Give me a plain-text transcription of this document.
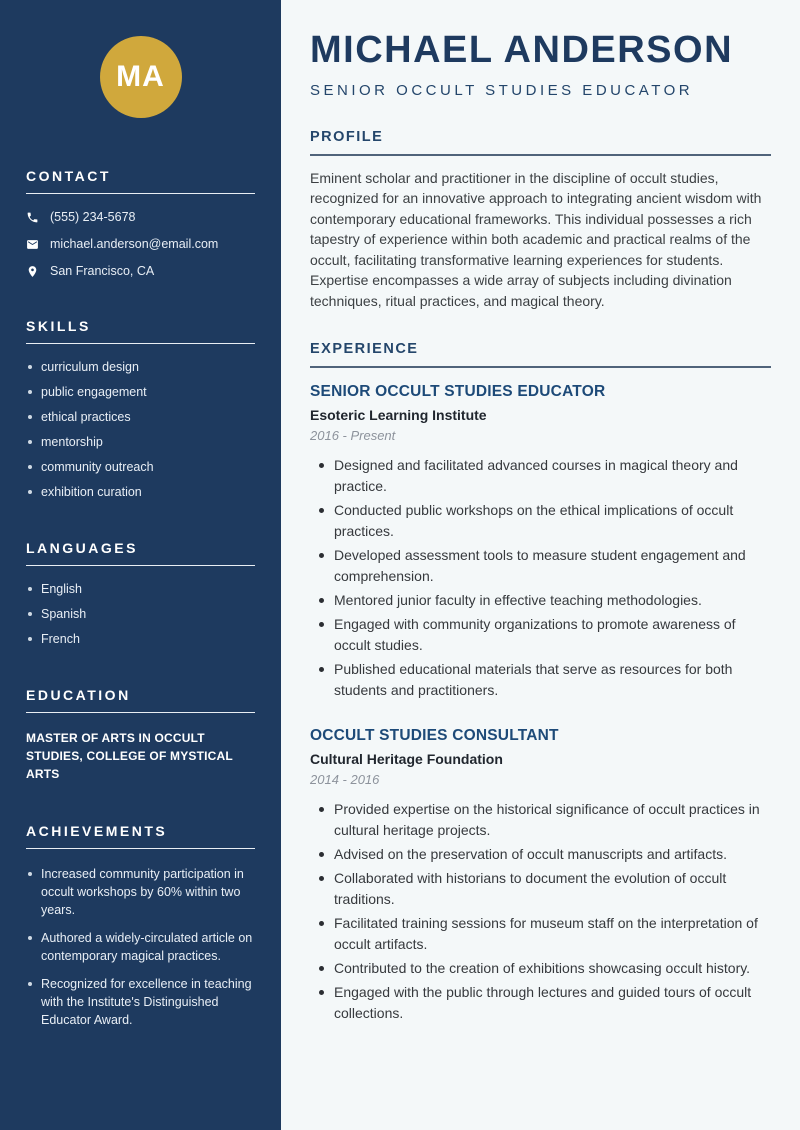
MA
CONTACT
(555) 234-5678
michael.anderson@email.com
San Francisco, CA
SKILLS
curriculum design
public engagement
ethical practices
mentorship
community outreach
exhibition curation
LANGUAGES
English
Spanish
French
EDUCATION
MASTER OF ARTS IN OCCULT STUDIES, COLLEGE OF MYSTICAL ARTS
ACHIEVEMENTS
Increased community participation in occult workshops by 60% within two years.
Authored a widely-circulated article on contemporary magical practices.
Recognized for excellence in teaching with the Institute's Distinguished Educator Award.
MICHAEL ANDERSON
SENIOR OCCULT STUDIES EDUCATOR
PROFILE

Eminent scholar and practitioner in the discipline of occult studies, recognized for an innovative approach to integrating ancient wisdom with contemporary educational frameworks. This individual possesses a rich tapestry of experience within both academic and practical realms of the occult, facilitating transformative learning experiences for students. Expertise encompasses a wide array of subjects including divination techniques, ritual practices, and magical theory.

EXPERIENCE
SENIOR OCCULT STUDIES EDUCATOR
Esoteric Learning Institute
2016 - Present
Designed and facilitated advanced courses in magical theory and practice.
Conducted public workshops on the ethical implications of occult practices.
Developed assessment tools to measure student engagement and comprehension.
Mentored junior faculty in effective teaching methodologies.
Engaged with community organizations to promote awareness of occult studies.
Published educational materials that serve as resources for both students and practitioners.
OCCULT STUDIES CONSULTANT
Cultural Heritage Foundation
2014 - 2016
Provided expertise on the historical significance of occult practices in cultural heritage projects.
Advised on the preservation of occult manuscripts and artifacts.
Collaborated with historians to document the evolution of occult traditions.
Facilitated training sessions for museum staff on the interpretation of occult artifacts.
Contributed to the creation of exhibitions showcasing occult history.
Engaged with the public through lectures and guided tours of occult collections.
